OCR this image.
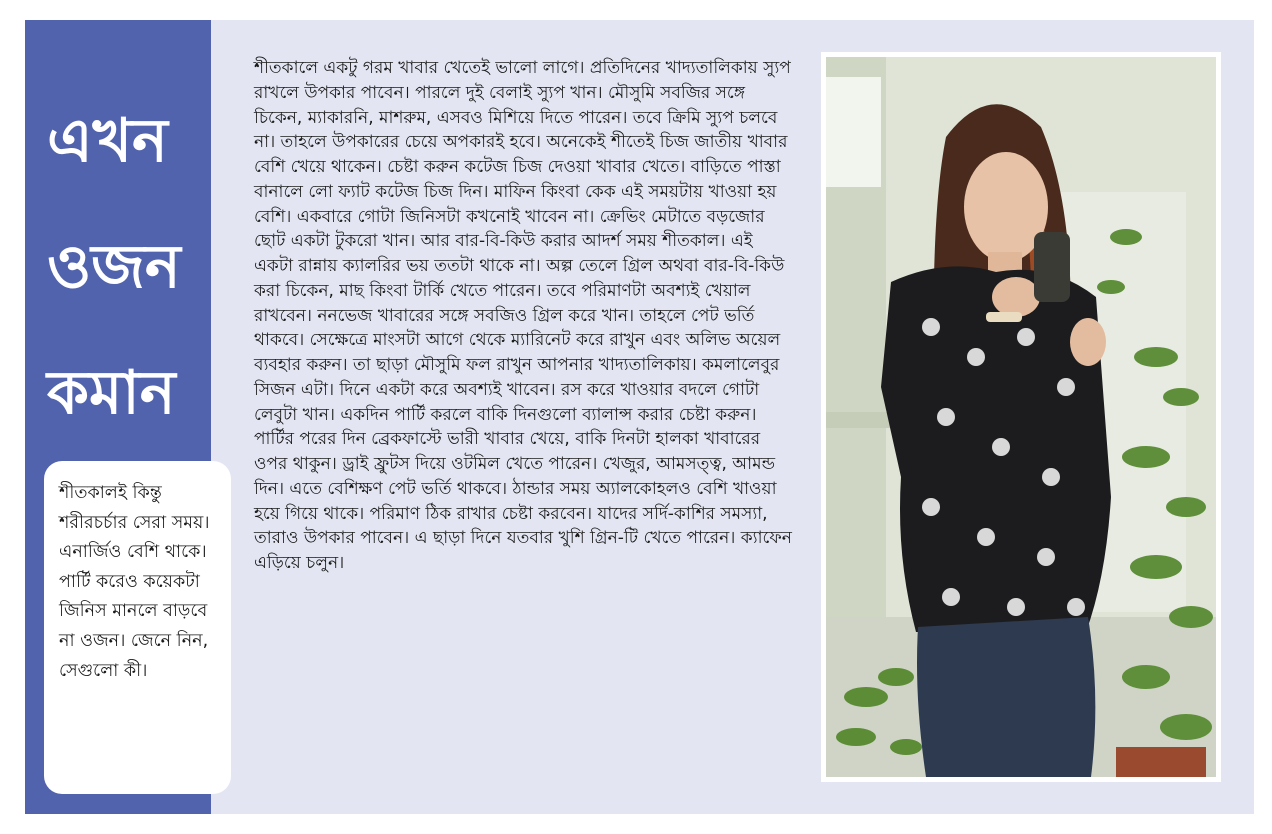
এখন
ওজন
কমান
শীতকালই কিন্তু শরীরচর্চার সেরা সময়। এনার্জিও বেশি থাকে। পার্টি করেও কয়েকটা জিনিস মানলে বাড়বে না ওজন। জেনে নিন, সেগুলো কী।
শীতকালে একটু গরম খাবার খেতেই ভালো লাগে। প্রতিদিনের খাদ্যতালিকায় স্যুপ রাখলে উপকার পাবেন। পারলে দুই বেলাই স্যুপ খান। মৌসুমি সবজির সঙ্গে চিকেন, ম্যাকারনি, মাশরুম, এসবও মিশিয়ে দিতে পারেন। তবে ক্রিমি স্যুপ চলবে না। তাহলে উপকারের চেয়ে অপকারই হবে। অনেকেই শীতেই চিজ জাতীয় খাবার বেশি খেয়ে থাকেন। চেষ্টা করুন কটেজ চিজ দেওয়া খাবার খেতে। বাড়িতে পাস্তা বানালে লো ফ্যাট কটেজ চিজ দিন। মাফিন কিংবা কেক এই সময়টায় খাওয়া হয় বেশি। একবারে গোটা জিনিসটা কখনোই খাবেন না। ক্রেভিং মেটাতে বড়জোর ছোট একটা টুকরো খান। আর বার-বি-কিউ করার আদর্শ সময় শীতকাল। এই একটা রান্নায় ক্যালরির ভয় ততটা থাকে না। অল্প তেলে গ্রিল অথবা বার-বি-কিউ করা চিকেন, মাছ কিংবা টার্কি খেতে পারেন। তবে পরিমাণটা অবশ্যই খেয়াল রাখবেন। ননভেজ খাবারের সঙ্গে সবজিও গ্রিল করে খান। তাহলে পেট ভর্তি থাকবে। সেক্ষেত্রে মাংসটা আগে থেকে ম্যারিনেট করে রাখুন এবং অলিভ অয়েল ব্যবহার করুন। তা ছাড়া মৌসুমি ফল রাখুন আপনার খাদ্যতালিকায়। কমলালেবুর সিজন এটা। দিনে একটা করে অবশ্যই খাবেন। রস করে খাওয়ার বদলে গোটা লেবুটা খান। একদিন পার্টি করলে বাকি দিনগুলো ব্যালান্স করার চেষ্টা করুন। পার্টির পরের দিন ব্রেকফাস্টে ভারী খাবার খেয়ে, বাকি দিনটা হালকা খাবারের ওপর থাকুন। ড্রাই ফ্রুটস দিয়ে ওটমিল খেতে পারেন। খেজুর, আমসত্ত্ব, আমন্ড দিন। এতে বেশিক্ষণ পেট ভর্তি থাকবে। ঠান্ডার সময় অ্যালকোহলও বেশি খাওয়া হয়ে গিয়ে থাকে। পরিমাণ ঠিক রাখার চেষ্টা করবেন। যাদের সর্দি-কাশির সমস্যা, তারাও উপকার পাবেন। এ ছাড়া দিনে যতবার খুশি গ্রিন-টি খেতে পারেন। ক্যাফেন এড়িয়ে চলুন।
